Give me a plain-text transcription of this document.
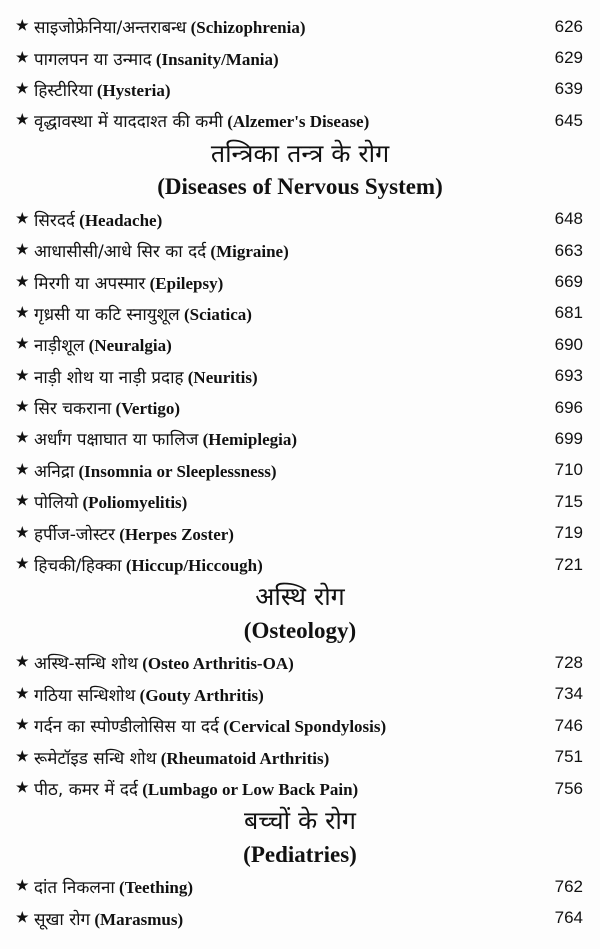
★ साइजोफ्रेनिया/अन्तराबन्ध (Schizophrenia)	626
★ पागलपन या उन्माद (Insanity/Mania)	629
★ हिस्टीरिया (Hysteria)	639
★ वृद्धावस्था में याददाश्त की कमी (Alzemer's Disease)	645
तन्त्रिका तन्त्र के रोग
(Diseases of Nervous System)
★ सिरदर्द (Headache)	648
★ आधासीसी/आधे सिर का दर्द (Migraine)	663
★ मिरगी या अपस्मार (Epilepsy)	669
★ गृध्रसी या कटि स्नायुशूल (Sciatica)	681
★ नाड़ीशूल (Neuralgia)	690
★ नाड़ी शोथ या नाड़ी प्रदाह (Neuritis)	693
★ सिर चकराना (Vertigo)	696
★ अर्धांग पक्षाघात या फालिज (Hemiplegia)	699
★ अनिद्रा (Insomnia or Sleeplessness)	710
★ पोलियो (Poliomyelitis)	715
★ हर्पीज-जोस्टर (Herpes Zoster)	719
★ हिचकी/हिक्का (Hiccup/Hiccough)	721
अस्थि रोग
(Osteology)
★ अस्थि-सन्धि शोथ (Osteo Arthritis-OA)	728
★ गठिया सन्धिशोथ (Gouty Arthritis)	734
★ गर्दन का स्पोण्डीलोसिस या दर्द (Cervical Spondylosis)	746
★ रूमेटॉइड सन्धि शोथ (Rheumatoid Arthritis)	751
★ पीठ, कमर में दर्द (Lumbago or Low Back Pain)	756
बच्चों के रोग
(Pediatries)
★ दांत निकलना (Teething)	762
★ सूखा रोग (Marasmus)	764
